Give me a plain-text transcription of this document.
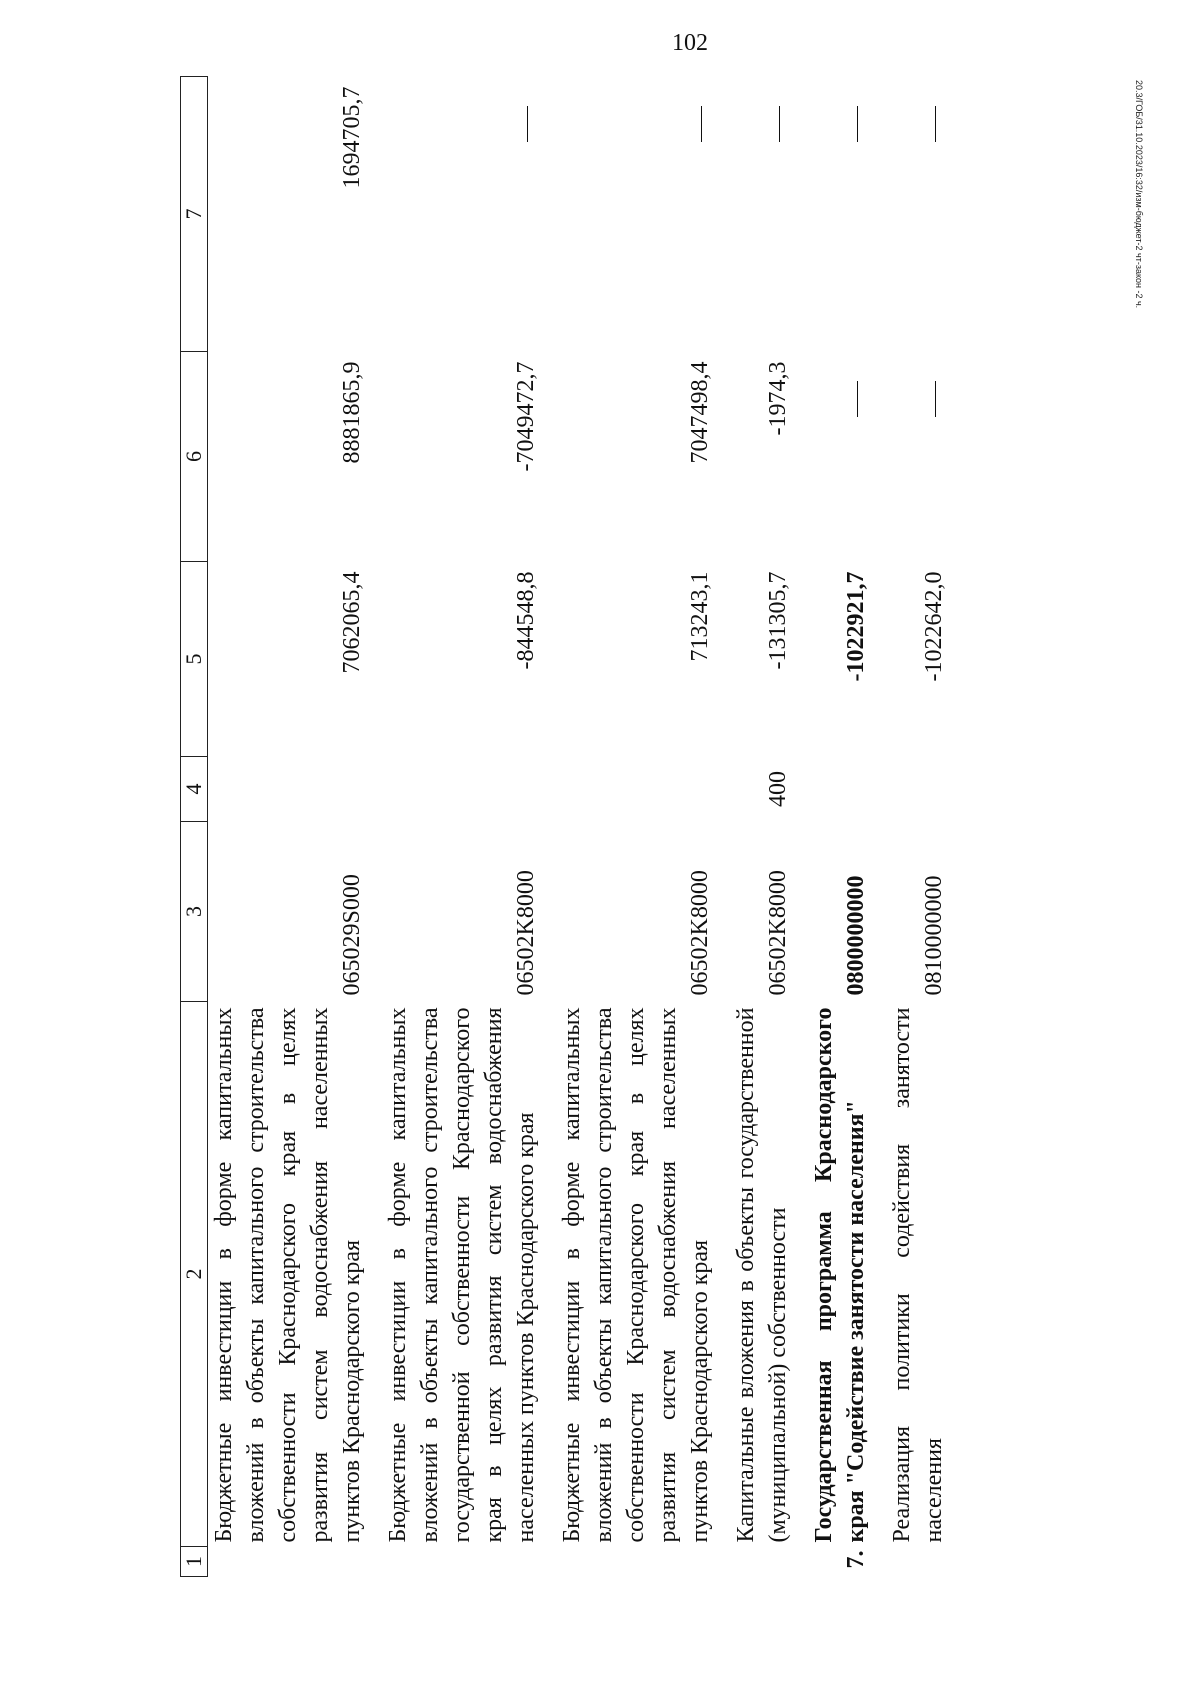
102
20.3/ГОБ/31.10.2023/16:32/изм-бюджет-2 чт-закон -2 ч.
1	2	3	4	5	6	7
	Бюджетные инвестиции в форме капитальных вложений в объекты капитального строительства собственности Краснодарского края в целях развития систем водоснабжения населенных пунктов Краснодарского края	065029S000		7062065,4	8881865,9	1694705,7
	Бюджетные инвестиции в форме капитальных вложений в объекты капитального строительства государственной собственности Краснодарского края в целях развития систем водоснабжения населенных пунктов Краснодарского края	06502K8000		-844548,8	-7049472,7	
	Бюджетные инвестиции в форме капитальных вложений в объекты капитального строительства собственности Краснодарского края в целях развития систем водоснабжения населенных пунктов Краснодарского края	06502K8000		713243,1	7047498,4	
	Капитальные вложения в объекты государственной (муниципальной) собственности	06502K8000	400	-131305,7	-1974,3	
7.	Государственная программа Краснодарского края "Содействие занятости населения"	0800000000		-1022921,7		
	Реализация политики содействия занятости населения	0810000000		-1022642,0		
